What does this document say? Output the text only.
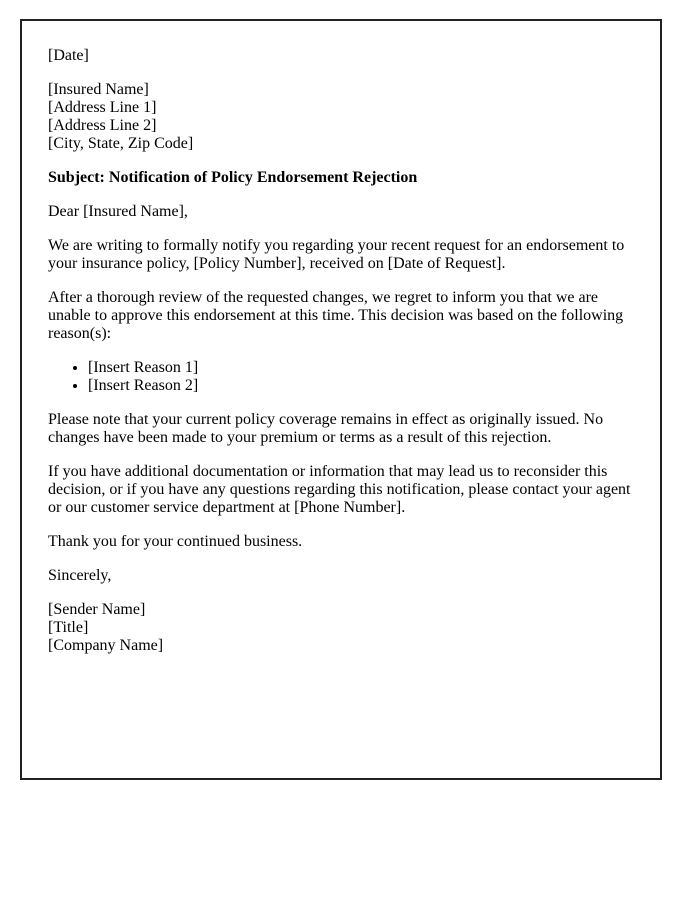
[Date]

[Insured Name]
[Address Line 1]
[Address Line 2]
[City, State, Zip Code]

Subject: Notification of Policy Endorsement Rejection

Dear [Insured Name],

We are writing to formally notify you regarding your recent request for an endorsement to your insurance policy, [Policy Number], received on [Date of Request].

After a thorough review of the requested changes, we regret to inform you that we are unable to approve this endorsement at this time. This decision was based on the following reason(s):

• [Insert Reason 1]
• [Insert Reason 2]

Please note that your current policy coverage remains in effect as originally issued. No changes have been made to your premium or terms as a result of this rejection.

If you have additional documentation or information that may lead us to reconsider this decision, or if you have any questions regarding this notification, please contact your agent or our customer service department at [Phone Number].

Thank you for your continued business.

Sincerely,

[Sender Name]
[Title]
[Company Name]
